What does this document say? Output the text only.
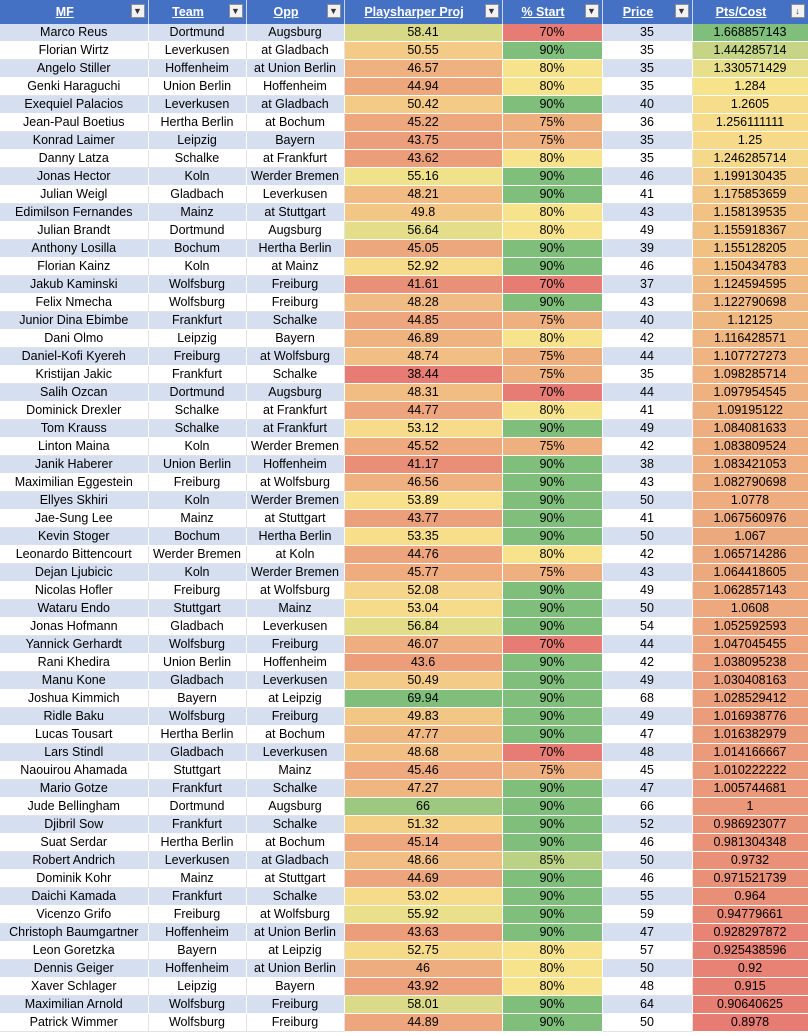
MF ▼	Team ▼	Opp ▼	Playsharper Proj ▼	% Start ▼	Price ▼	Pts/Cost ↓

Marco Reus	Dortmund	Augsburg	58.41	70%	35	1.668857143
Florian Wirtz	Leverkusen	at Gladbach	50.55	90%	35	1.444285714
Angelo Stiller	Hoffenheim	at Union Berlin	46.57	80%	35	1.330571429
Genki Haraguchi	Union Berlin	Hoffenheim	44.94	80%	35	1.284
Exequiel Palacios	Leverkusen	at Gladbach	50.42	90%	40	1.2605
Jean-Paul Boetius	Hertha Berlin	at Bochum	45.22	75%	36	1.256111111
Konrad Laimer	Leipzig	Bayern	43.75	75%	35	1.25
Danny Latza	Schalke	at Frankfurt	43.62	80%	35	1.246285714
Jonas Hector	Koln	Werder Bremen	55.16	90%	46	1.199130435
Julian Weigl	Gladbach	Leverkusen	48.21	90%	41	1.175853659
Edimilson Fernandes	Mainz	at Stuttgart	49.8	80%	43	1.158139535
Julian Brandt	Dortmund	Augsburg	56.64	80%	49	1.155918367
Anthony Losilla	Bochum	Hertha Berlin	45.05	90%	39	1.155128205
Florian Kainz	Koln	at Mainz	52.92	90%	46	1.150434783
Jakub Kaminski	Wolfsburg	Freiburg	41.61	70%	37	1.124594595
Felix Nmecha	Wolfsburg	Freiburg	48.28	90%	43	1.122790698
Junior Dina Ebimbe	Frankfurt	Schalke	44.85	75%	40	1.12125
Dani Olmo	Leipzig	Bayern	46.89	80%	42	1.116428571
Daniel-Kofi Kyereh	Freiburg	at Wolfsburg	48.74	75%	44	1.107727273
Kristijan Jakic	Frankfurt	Schalke	38.44	75%	35	1.098285714
Salih Ozcan	Dortmund	Augsburg	48.31	70%	44	1.097954545
Dominick Drexler	Schalke	at Frankfurt	44.77	80%	41	1.09195122
Tom Krauss	Schalke	at Frankfurt	53.12	90%	49	1.084081633
Linton Maina	Koln	Werder Bremen	45.52	75%	42	1.083809524
Janik Haberer	Union Berlin	Hoffenheim	41.17	90%	38	1.083421053
Maximilian Eggestein	Freiburg	at Wolfsburg	46.56	90%	43	1.082790698
Ellyes Skhiri	Koln	Werder Bremen	53.89	90%	50	1.0778
Jae-Sung Lee	Mainz	at Stuttgart	43.77	90%	41	1.067560976
Kevin Stoger	Bochum	Hertha Berlin	53.35	90%	50	1.067
Leonardo Bittencourt	Werder Bremen	at Koln	44.76	80%	42	1.065714286
Dejan Ljubicic	Koln	Werder Bremen	45.77	75%	43	1.064418605
Nicolas Hofler	Freiburg	at Wolfsburg	52.08	90%	49	1.062857143
Wataru Endo	Stuttgart	Mainz	53.04	90%	50	1.0608
Jonas Hofmann	Gladbach	Leverkusen	56.84	90%	54	1.052592593
Yannick Gerhardt	Wolfsburg	Freiburg	46.07	70%	44	1.047045455
Rani Khedira	Union Berlin	Hoffenheim	43.6	90%	42	1.038095238
Manu Kone	Gladbach	Leverkusen	50.49	90%	49	1.030408163
Joshua Kimmich	Bayern	at Leipzig	69.94	90%	68	1.028529412
Ridle Baku	Wolfsburg	Freiburg	49.83	90%	49	1.016938776
Lucas Tousart	Hertha Berlin	at Bochum	47.77	90%	47	1.016382979
Lars Stindl	Gladbach	Leverkusen	48.68	70%	48	1.014166667
Naouirou Ahamada	Stuttgart	Mainz	45.46	75%	45	1.010222222
Mario Gotze	Frankfurt	Schalke	47.27	90%	47	1.005744681
Jude Bellingham	Dortmund	Augsburg	66	90%	66	1
Djibril Sow	Frankfurt	Schalke	51.32	90%	52	0.986923077
Suat Serdar	Hertha Berlin	at Bochum	45.14	90%	46	0.981304348
Robert Andrich	Leverkusen	at Gladbach	48.66	85%	50	0.9732
Dominik Kohr	Mainz	at Stuttgart	44.69	90%	46	0.971521739
Daichi Kamada	Frankfurt	Schalke	53.02	90%	55	0.964
Vicenzo Grifo	Freiburg	at Wolfsburg	55.92	90%	59	0.94779661
Christoph Baumgartner	Hoffenheim	at Union Berlin	43.63	90%	47	0.928297872
Leon Goretzka	Bayern	at Leipzig	52.75	80%	57	0.925438596
Dennis Geiger	Hoffenheim	at Union Berlin	46	80%	50	0.92
Xaver Schlager	Leipzig	Bayern	43.92	80%	48	0.915
Maximilian Arnold	Wolfsburg	Freiburg	58.01	90%	64	0.90640625
Patrick Wimmer	Wolfsburg	Freiburg	44.89	90%	50	0.8978
